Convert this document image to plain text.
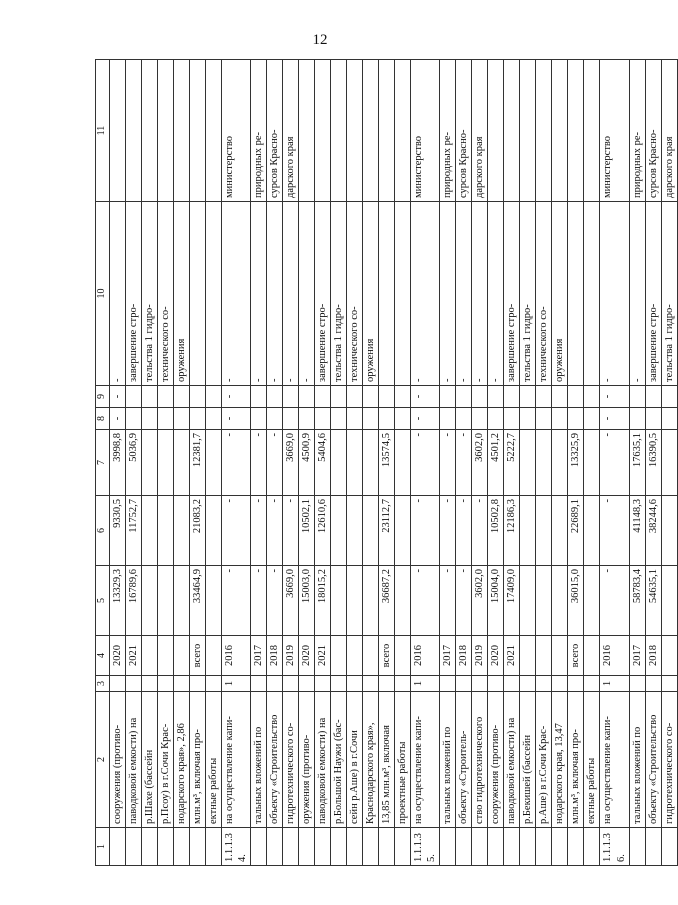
12
1	2	3	4	5	6	7	8	9	10	11
	сооружения (противо-		2020	13329,3	9330,5	3998,8	-	-	-	
	паводковой емкости) на		2021	16789,6	11752,7	5036,9			завершение стро-	
	р.Шахе (бассейн								тельства 1 гидро-	
	р.Псоу) в г.Сочи Крас-								технического со-	
	нодарского края», 2,86								оружения	
	млн.м³, включая про-		всего	33464,9	21083,2	12381,7				
	ектные работы									
1.1.1.34.	на осуществление капи-	1	2016	-	-	-	-	-	-	министерство
	тальных вложений по		2017	-	-	-			-	природных ре-
	объекту «Строительство		2018	-	-	-			-	сурсов Красно-
	гидротехнического со-		2019	3669,0	-	3669,0			-	дарского края
	оружения (противо-		2020	15003,0	10502,1	4500,9			-	
	паводковой емкости) на		2021	18015,2	12610,6	5404,6			завершение стро-	
	р.Большой Наужи (бас-								тельства 1 гидро-	
	сейн р.Аше) в г.Сочи								технического со-	
	Краснодарского края»,								оружения	
	13,85 млн.м³, включая		всего	36687,2	23112,7	13574,5				
	проектные работы									
1.1.1.35.	на осуществление капи-	1	2016	-	-	-	-	-	-	министерство
	тальных вложений по		2017	-	-	-			-	природных ре-
	объекту «Строитель-		2018	-	-	-			-	сурсов Красно-
	ство гидротехнического		2019	3602,0	-	3602,0			-	дарского края
	сооружения (противо-		2020	15004,0	10502,8	4501,2			-	
	паводковой емкости) на		2021	17409,0	12186,3	5222,7			завершение стро-	
	р.Бекишей (бассейн								тельства 1 гидро-	
	р.Аше) в г.Сочи Крас-								технического со-	
	нодарского края, 13,47								оружения	
	млн.м³, включая про-		всего	36015,0	22689,1	13325,9				
	ектные работы									
1.1.1.36.	на осуществление капи-	1	2016	-	-	-	-	-	-	министерство
	тальных вложений по		2017	58783,4	41148,3	17635,1			-	природных ре-
	объекту «Строительство		2018	54635,1	38244,6	16390,5			завершение стро-	сурсов Красно-
	гидротехнического со-								тельства 1 гидро-	дарского края
